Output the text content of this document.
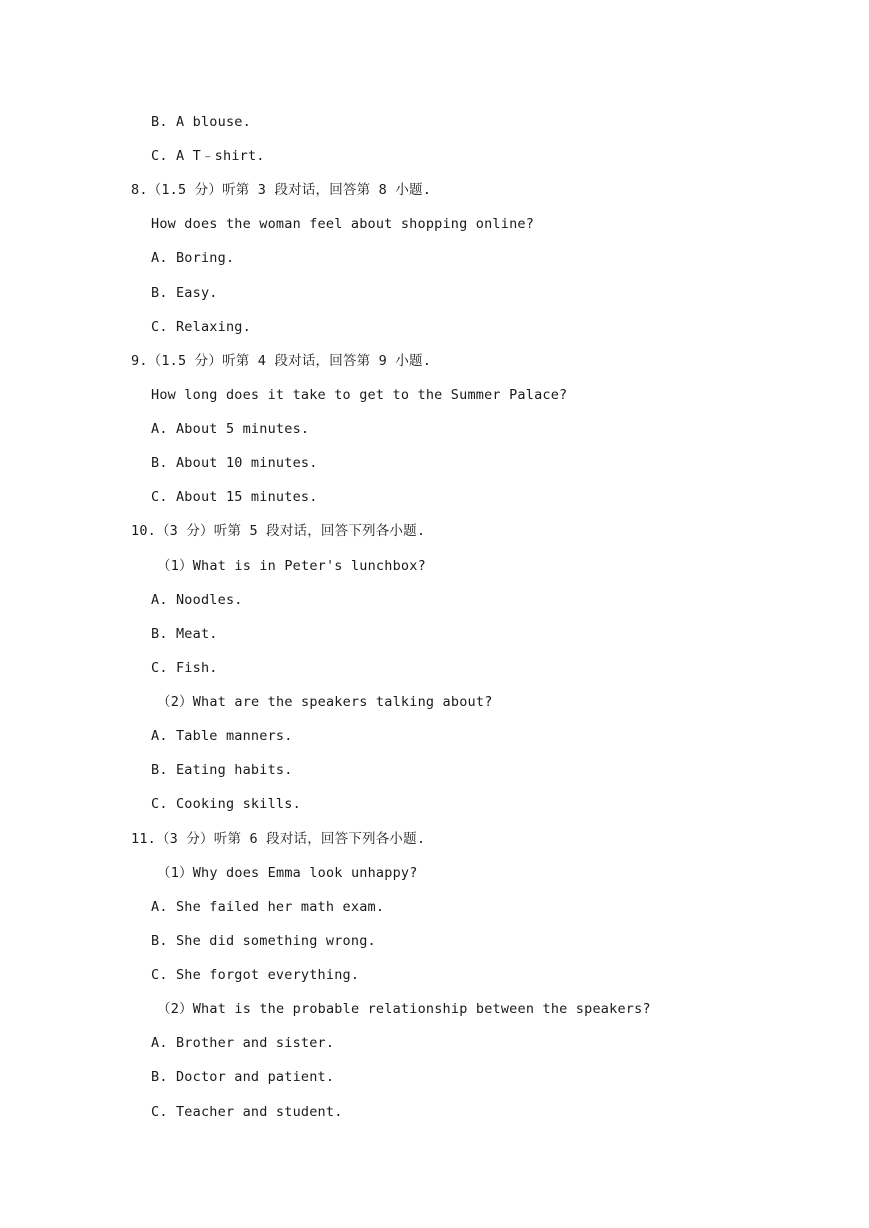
B. A blouse.
C. A T﹣shirt.
8.（1.5 分）听第 3 段对话，回答第 8 小题.
How does the woman feel about shopping online?
A. Boring.
B. Easy.
C. Relaxing.
9.（1.5 分）听第 4 段对话，回答第 9 小题.
How long does it take to get to the Summer Palace?
A. About 5 minutes.
B. About 10 minutes.
C. About 15 minutes.
10.（3 分）听第 5 段对话，回答下列各小题.
（1）What is in Peter's lunchbox?
A. Noodles.
B. Meat.
C. Fish.
（2）What are the speakers talking about?
A. Table manners.
B. Eating habits.
C. Cooking skills.
11.（3 分）听第 6 段对话，回答下列各小题.
（1）Why does Emma look unhappy?
A. She failed her math exam.
B. She did something wrong.
C. She forgot everything.
（2）What is the probable relationship between the speakers?
A. Brother and sister.
B. Doctor and patient.
C. Teacher and student.
